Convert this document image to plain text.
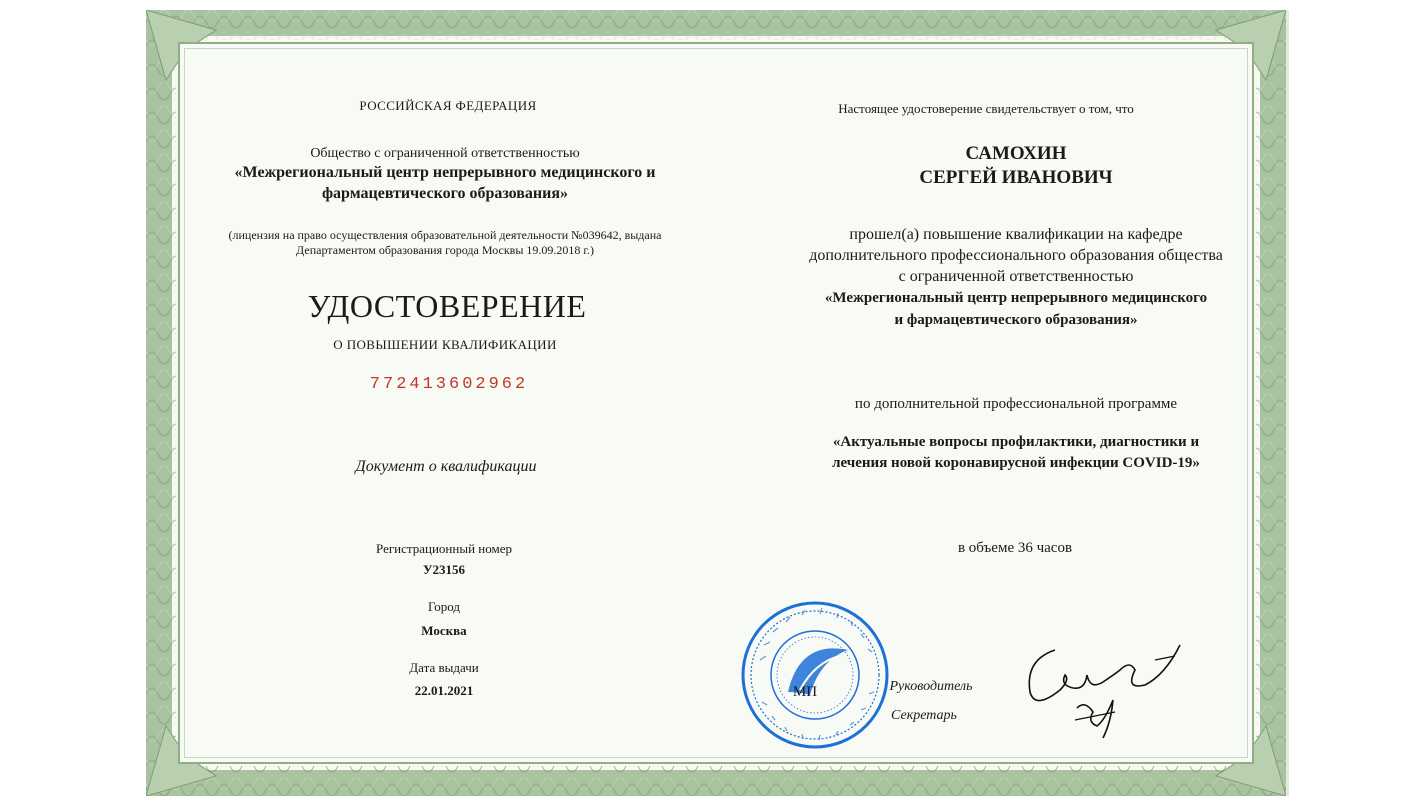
РОССИЙСКАЯ ФЕДЕРАЦИЯ
Общество с ограниченной ответственностью
«Межрегиональный центр непрерывного медицинского и
фармацевтического образования»
(лицензия на право осуществления образовательной деятельности №039642, выдана
Департаментом образования города Москвы 19.09.2018 г.)
УДОСТОВЕРЕНИЕ
О ПОВЫШЕНИИ КВАЛИФИКАЦИИ
772413602962
Документ о квалификации
Регистрационный номер
У23156
Город
Москва
Дата выдачи
22.01.2021
Настоящее удостоверение свидетельствует о том, что
САМОХИН
СЕРГЕЙ ИВАНОВИЧ
прошел(а) повышение квалификации на кафедре
дополнительного профессионального образования общества
с ограниченной ответственностью
«Межрегиональный центр непрерывного медицинского
и фармацевтического образования»
по дополнительной профессиональной программе
«Актуальные вопросы профилактики, диагностики и
лечения новой коронавирусной инфекции COVID-19»
в объеме 36 часов
МП	Руководитель
Секретарь
